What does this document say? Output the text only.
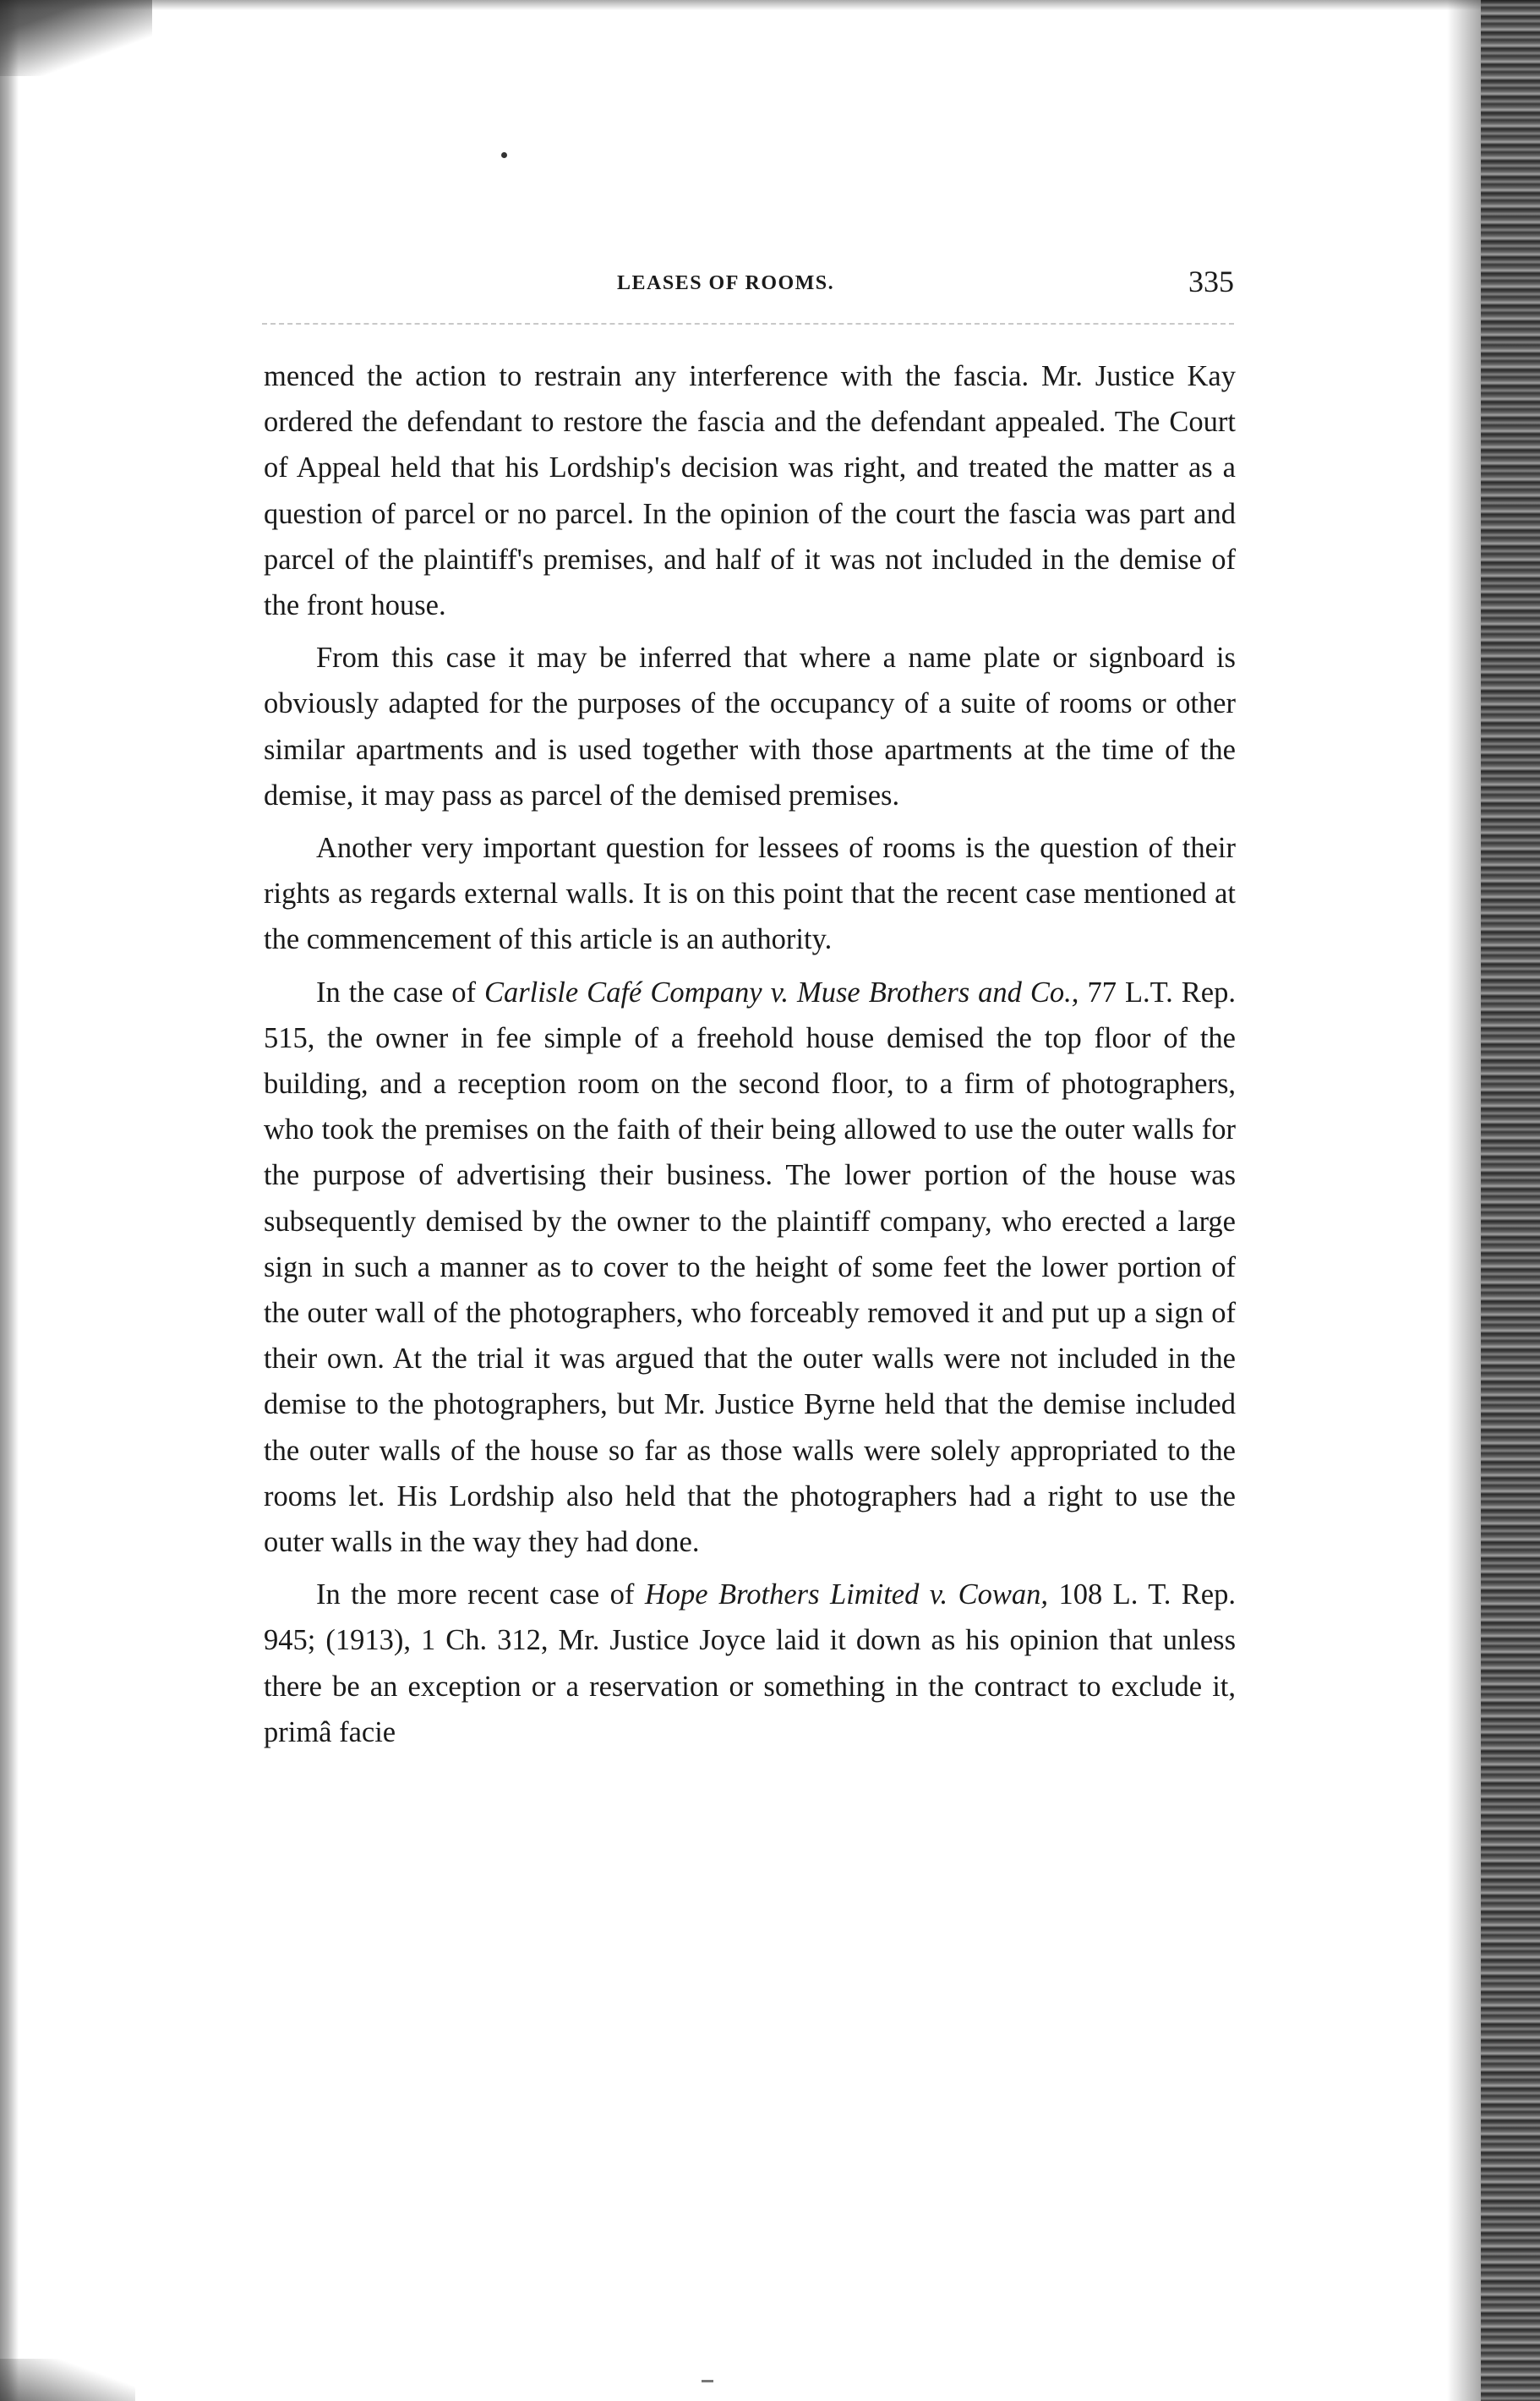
LEASES OF ROOMS.	335

menced the action to restrain any interference with the fascia. Mr. Justice Kay ordered the defendant to restore the fascia and the defendant appealed. The Court of Appeal held that his Lordship's decision was right, and treated the matter as a question of parcel or no parcel. In the opinion of the court the fascia was part and parcel of the plaintiff's premises, and half of it was not included in the demise of the front house.

From this case it may be inferred that where a name plate or signboard is obviously adapted for the purposes of the occupancy of a suite of rooms or other similar apartments and is used together with those apartments at the time of the demise, it may pass as parcel of the demised premises.

Another very important question for lessees of rooms is the question of their rights as regards external walls. It is on this point that the recent case mentioned at the commencement of this article is an authority.

In the case of Carlisle Café Company v. Muse Brothers and Co., 77 L.T. Rep. 515, the owner in fee simple of a freehold house demised the top floor of the building, and a reception room on the second floor, to a firm of photographers, who took the premises on the faith of their being allowed to use the outer walls for the purpose of advertising their business. The lower portion of the house was subsequently demised by the owner to the plaintiff company, who erected a large sign in such a manner as to cover to the height of some feet the lower portion of the outer wall of the photographers, who forceably removed it and put up a sign of their own. At the trial it was argued that the outer walls were not included in the demise to the photographers, but Mr. Justice Byrne held that the demise included the outer walls of the house so far as those walls were solely appropriated to the rooms let. His Lordship also held that the photographers had a right to use the outer walls in the way they had done.

In the more recent case of Hope Brothers Limited v. Cowan, 108 L. T. Rep. 945; (1913), 1 Ch. 312, Mr. Justice Joyce laid it down as his opinion that unless there be an exception or a reservation or something in the contract to exclude it, primâ facie
